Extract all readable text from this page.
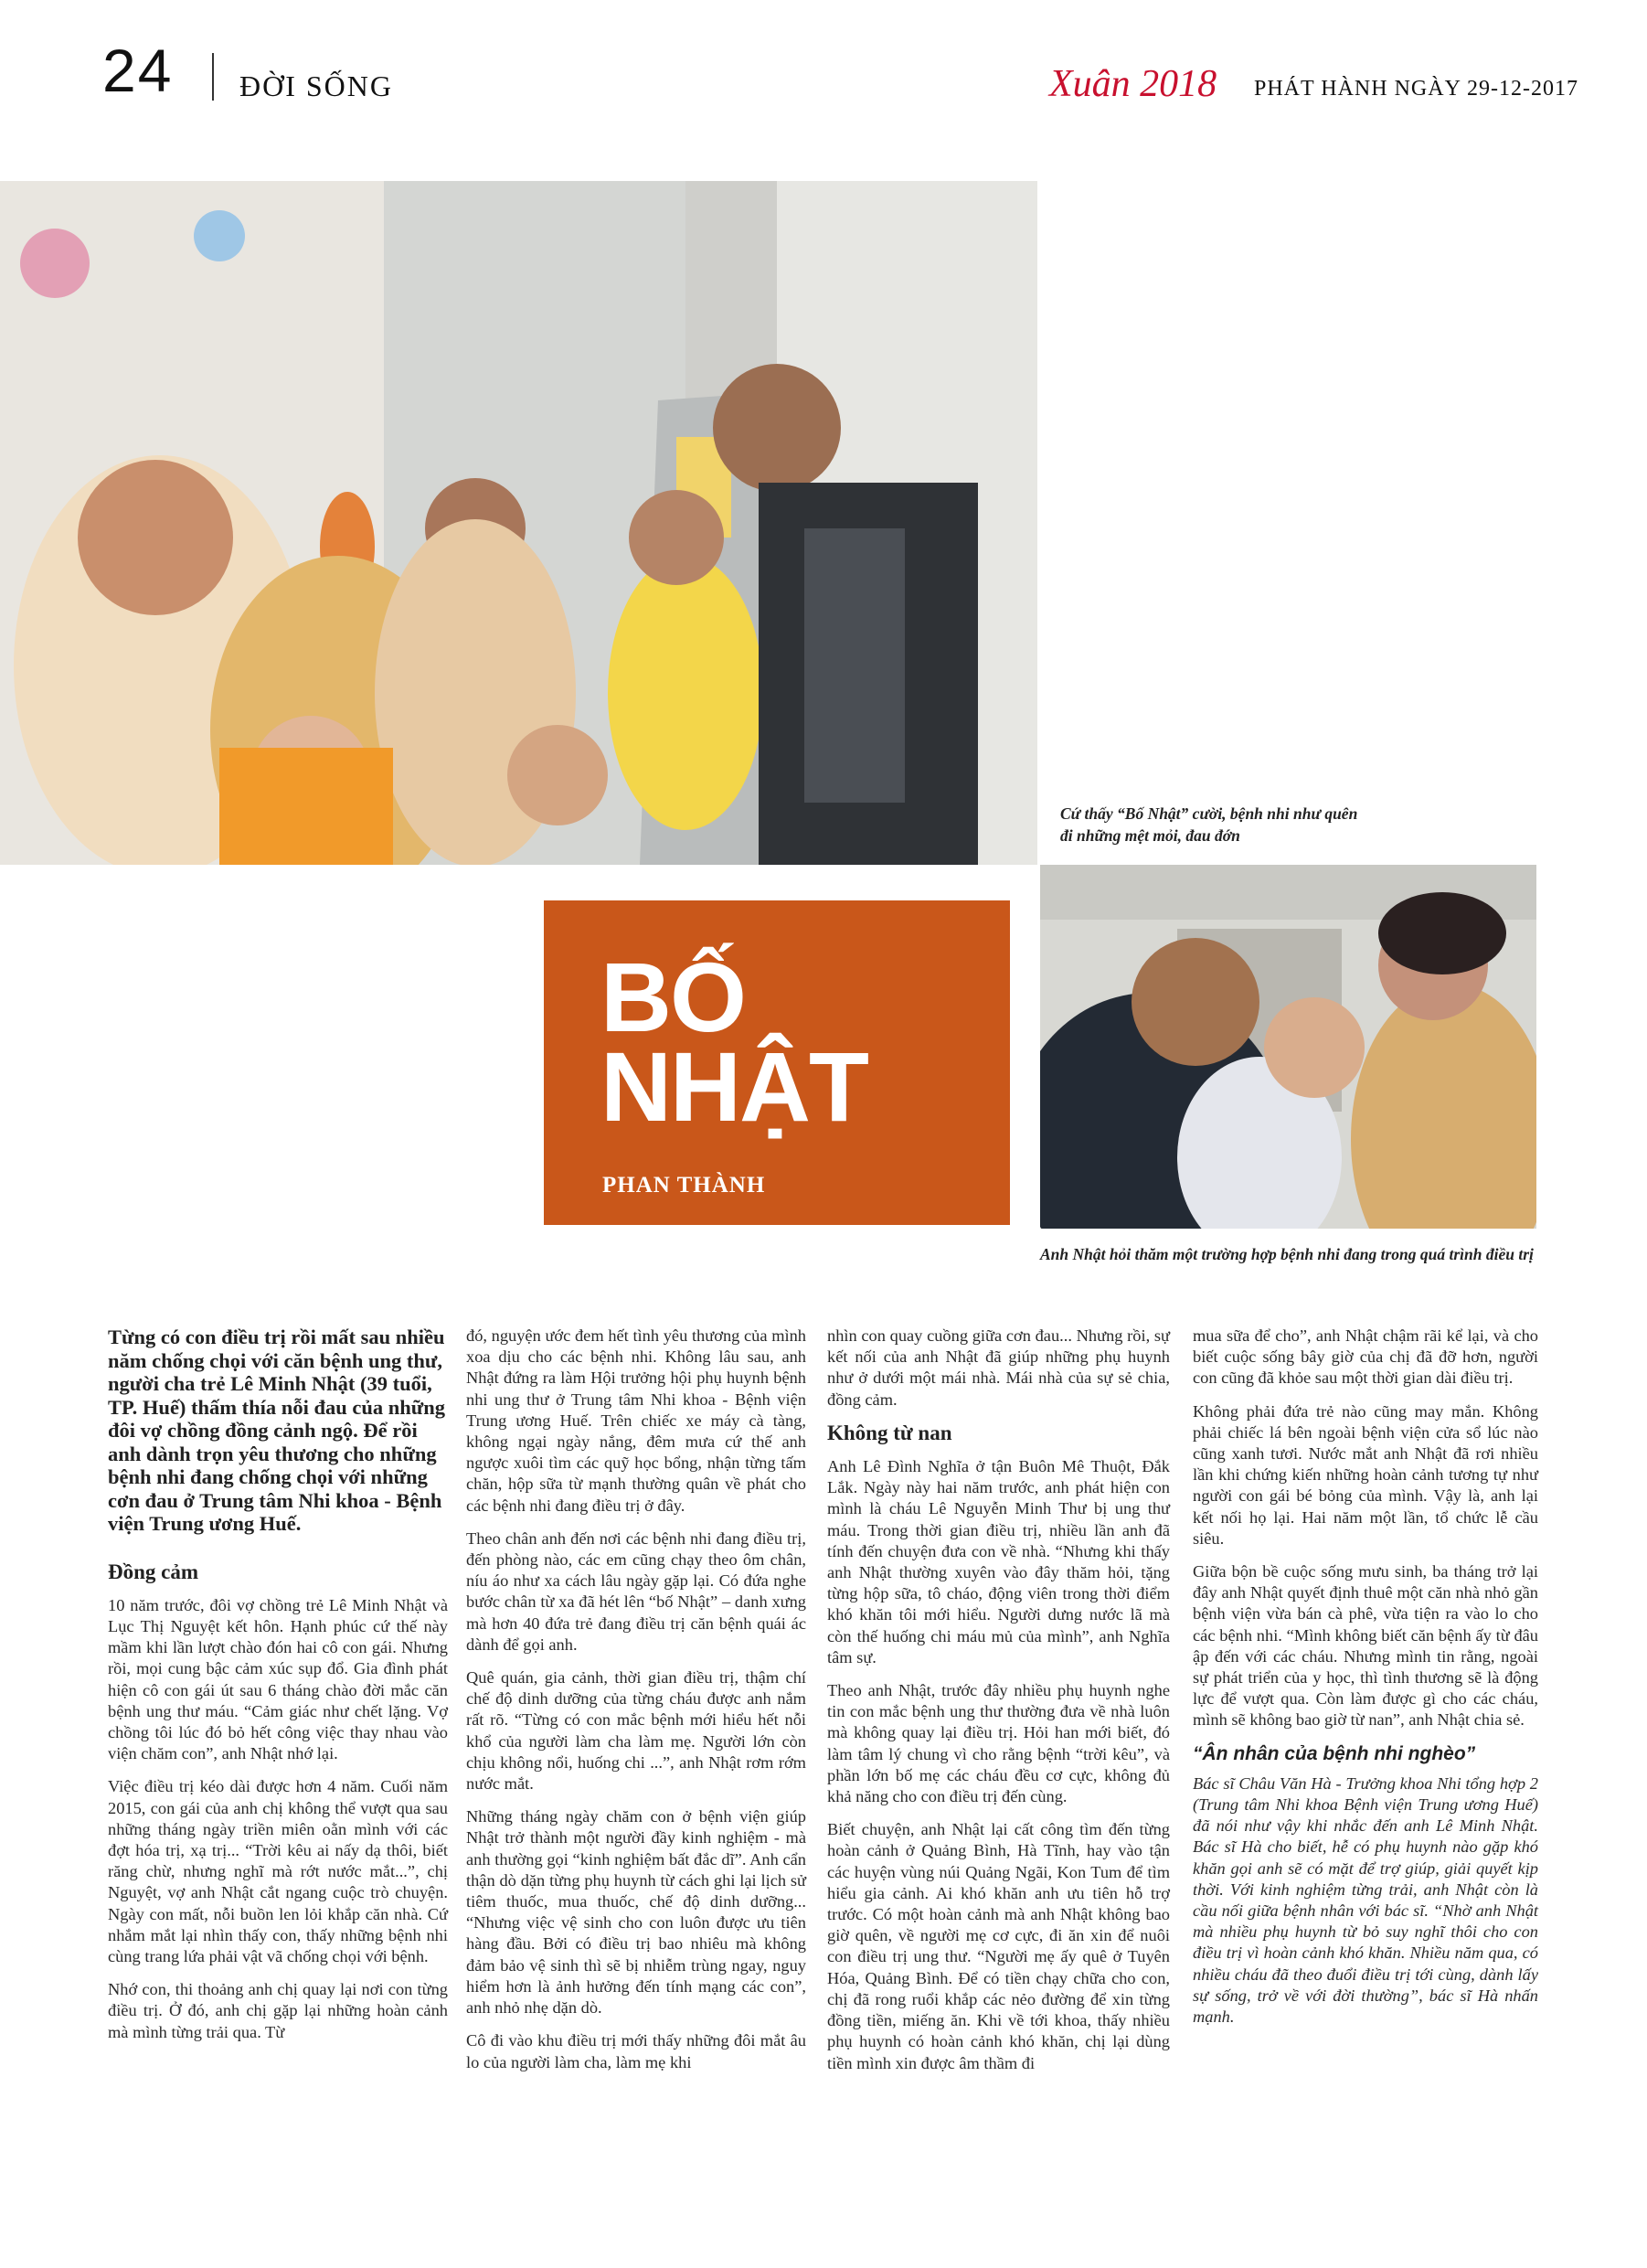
24 ĐỜI SỐNG	Xuân 2018 PHÁT HÀNH NGÀY 29-12-2017
Cứ thấy “Bố Nhật” cười, bệnh nhi như quên đi những mệt mỏi, đau đớn
Anh Nhật hỏi thăm một trường hợp bệnh nhi đang trong quá trình điều trị
BỐ
NHẬT
PHAN THÀNH
Từng có con điều trị rồi mất sau nhiều năm chống chọi với căn bệnh ung thư, người cha trẻ Lê Minh Nhật (39 tuổi, TP. Huế) thấm thía nỗi đau của những đôi vợ chồng đồng cảnh ngộ. Để rồi anh dành trọn yêu thương cho những bệnh nhi đang chống chọi với những cơn đau ở Trung tâm Nhi khoa - Bệnh viện Trung ương Huế.
Đồng cảm

10 năm trước, đôi vợ chồng trẻ Lê Minh Nhật và Lục Thị Nguyệt kết hôn. Hạnh phúc cứ thế này mầm khi lần lượt chào đón hai cô con gái. Nhưng rồi, mọi cung bậc cảm xúc sụp đổ. Gia đình phát hiện cô con gái út sau 6 tháng chào đời mắc căn bệnh ung thư máu. “Cảm giác như chết lặng. Vợ chồng tôi lúc đó bỏ hết công việc thay nhau vào viện chăm con”, anh Nhật nhớ lại.

Việc điều trị kéo dài được hơn 4 năm. Cuối năm 2015, con gái của anh chị không thể vượt qua sau những tháng ngày triền miên oằn mình với các đợt hóa trị, xạ trị... “Trời kêu ai nấy dạ thôi, biết răng chừ, nhưng nghĩ mà rớt nước mắt...”, chị Nguyệt, vợ anh Nhật cắt ngang cuộc trò chuyện. Ngày con mất, nỗi buồn len lỏi khắp căn nhà. Cứ nhắm mắt lại nhìn thấy con, thấy những bệnh nhi cùng trang lứa phải vật vã chống chọi với bệnh.

Nhớ con, thi thoảng anh chị quay lại nơi con từng điều trị. Ở đó, anh chị gặp lại những hoàn cảnh mà mình từng trải qua. Từ

đó, nguyện ước đem hết tình yêu thương của mình xoa dịu cho các bệnh nhi. Không lâu sau, anh Nhật đứng ra làm Hội trưởng hội phụ huynh bệnh nhi ung thư ở Trung tâm Nhi khoa - Bệnh viện Trung ương Huế. Trên chiếc xe máy cà tàng, không ngại ngày nắng, đêm mưa cứ thế anh ngược xuôi tìm các quỹ học bổng, nhận từng tấm chăn, hộp sữa từ mạnh thường quân về phát cho các bệnh nhi đang điều trị ở đây.

Theo chân anh đến nơi các bệnh nhi đang điều trị, đến phòng nào, các em cũng chạy theo ôm chân, níu áo như xa cách lâu ngày gặp lại. Có đứa nghe bước chân từ xa đã hét lên “bố Nhật” – danh xưng mà hơn 40 đứa trẻ đang điều trị căn bệnh quái ác dành để gọi anh.

Quê quán, gia cảnh, thời gian điều trị, thậm chí chế độ dinh dưỡng của từng cháu được anh nắm rất rõ. “Từng có con mắc bệnh mới hiểu hết nỗi khổ của người làm cha làm mẹ. Người lớn còn chịu không nổi, huống chi ...”, anh Nhật rơm rớm nước mắt.

Những tháng ngày chăm con ở bệnh viện giúp Nhật trở thành một người đầy kinh nghiệm - mà anh thường gọi “kinh nghiệm bất đắc dĩ”. Anh cẩn thận dò dặn từng phụ huynh từ cách ghi lại lịch sử tiêm thuốc, mua thuốc, chế độ dinh dưỡng... “Nhưng việc vệ sinh cho con luôn được ưu tiên hàng đầu. Bởi có điều trị bao nhiêu mà không đảm bảo vệ sinh thì sẽ bị nhiễm trùng ngay, nguy hiểm hơn là ảnh hưởng đến tính mạng các con”, anh nhỏ nhẹ dặn dò.

Cô đi vào khu điều trị mới thấy những đôi mắt âu lo của người làm cha, làm mẹ khi

nhìn con quay cuồng giữa cơn đau... Nhưng rồi, sự kết nối của anh Nhật đã giúp những phụ huynh như ở dưới một mái nhà. Mái nhà của sự sẻ chia, đồng cảm.

Không từ nan

Anh Lê Đình Nghĩa ở tận Buôn Mê Thuột, Đắk Lắk. Ngày này hai năm trước, anh phát hiện con mình là cháu Lê Nguyễn Minh Thư bị ung thư máu. Trong thời gian điều trị, nhiều lần anh đã tính đến chuyện đưa con về nhà. “Nhưng khi thấy anh Nhật thường xuyên vào đây thăm hỏi, tặng từng hộp sữa, tô cháo, động viên trong thời điểm khó khăn tôi mới hiểu. Người dưng nước lã mà còn thế huống chi máu mủ của mình”, anh Nghĩa tâm sự.

Theo anh Nhật, trước đây nhiều phụ huynh nghe tin con mắc bệnh ung thư thường đưa về nhà luôn mà không quay lại điều trị. Hỏi han mới biết, đó làm tâm lý chung vì cho rằng bệnh “trời kêu”, và phần lớn bố mẹ các cháu đều cơ cực, không đủ khả năng cho con điều trị đến cùng.

Biết chuyện, anh Nhật lại cất công tìm đến từng hoàn cảnh ở Quảng Bình, Hà Tĩnh, hay vào tận các huyện vùng núi Quảng Ngãi, Kon Tum để tìm hiểu gia cảnh. Ai khó khăn anh ưu tiên hỗ trợ trước. Có một hoàn cảnh mà anh Nhật không bao giờ quên, về người mẹ cơ cực, đi ăn xin để nuôi con điều trị ung thư. “Người mẹ ấy quê ở Tuyên Hóa, Quảng Bình. Để có tiền chạy chữa cho con, chị đã rong ruổi khắp các nẻo đường để xin từng đồng tiền, miếng ăn. Khi về tới khoa, thấy nhiều phụ huynh có hoàn cảnh khó khăn, chị lại dùng tiền mình xin được âm thầm đi

mua sữa để cho”, anh Nhật chậm rãi kể lại, và cho biết cuộc sống bây giờ của chị đã đỡ hơn, người con cũng đã khỏe sau một thời gian dài điều trị.

Không phải đứa trẻ nào cũng may mắn. Không phải chiếc lá bên ngoài bệnh viện cửa sổ lúc nào cũng xanh tươi. Nước mắt anh Nhật đã rơi nhiều lần khi chứng kiến những hoàn cảnh tương tự như người con gái bé bỏng của mình. Vậy là, anh lại kết nối họ lại. Hai năm một lần, tổ chức lễ cầu siêu.

Giữa bộn bề cuộc sống mưu sinh, ba tháng trở lại đây anh Nhật quyết định thuê một căn nhà nhỏ gần bệnh viện vừa bán cà phê, vừa tiện ra vào lo cho các bệnh nhi. “Mình không biết căn bệnh ấy từ đâu ập đến với các cháu. Nhưng mình tin rằng, ngoài sự phát triển của y học, thì tình thương sẽ là động lực để vượt qua. Còn làm được gì cho các cháu, mình sẽ không bao giờ từ nan”, anh Nhật chia sẻ.

“Ân nhân của bệnh nhi nghèo”

Bác sĩ Châu Văn Hà - Trưởng khoa Nhi tổng hợp 2 (Trung tâm Nhi khoa Bệnh viện Trung ương Huế) đã nói như vậy khi nhắc đến anh Lê Minh Nhật. Bác sĩ Hà cho biết, hễ có phụ huynh nào gặp khó khăn gọi anh sẽ có mặt để trợ giúp, giải quyết kịp thời. Với kinh nghiệm từng trải, anh Nhật còn là cầu nối giữa bệnh nhân với bác sĩ. “Nhờ anh Nhật mà nhiều phụ huynh từ bỏ suy nghĩ thôi cho con điều trị vì hoàn cảnh khó khăn. Nhiều năm qua, có nhiều cháu đã theo đuổi điều trị tới cùng, dành lấy sự sống, trở về với đời thường”, bác sĩ Hà nhấn mạnh.
